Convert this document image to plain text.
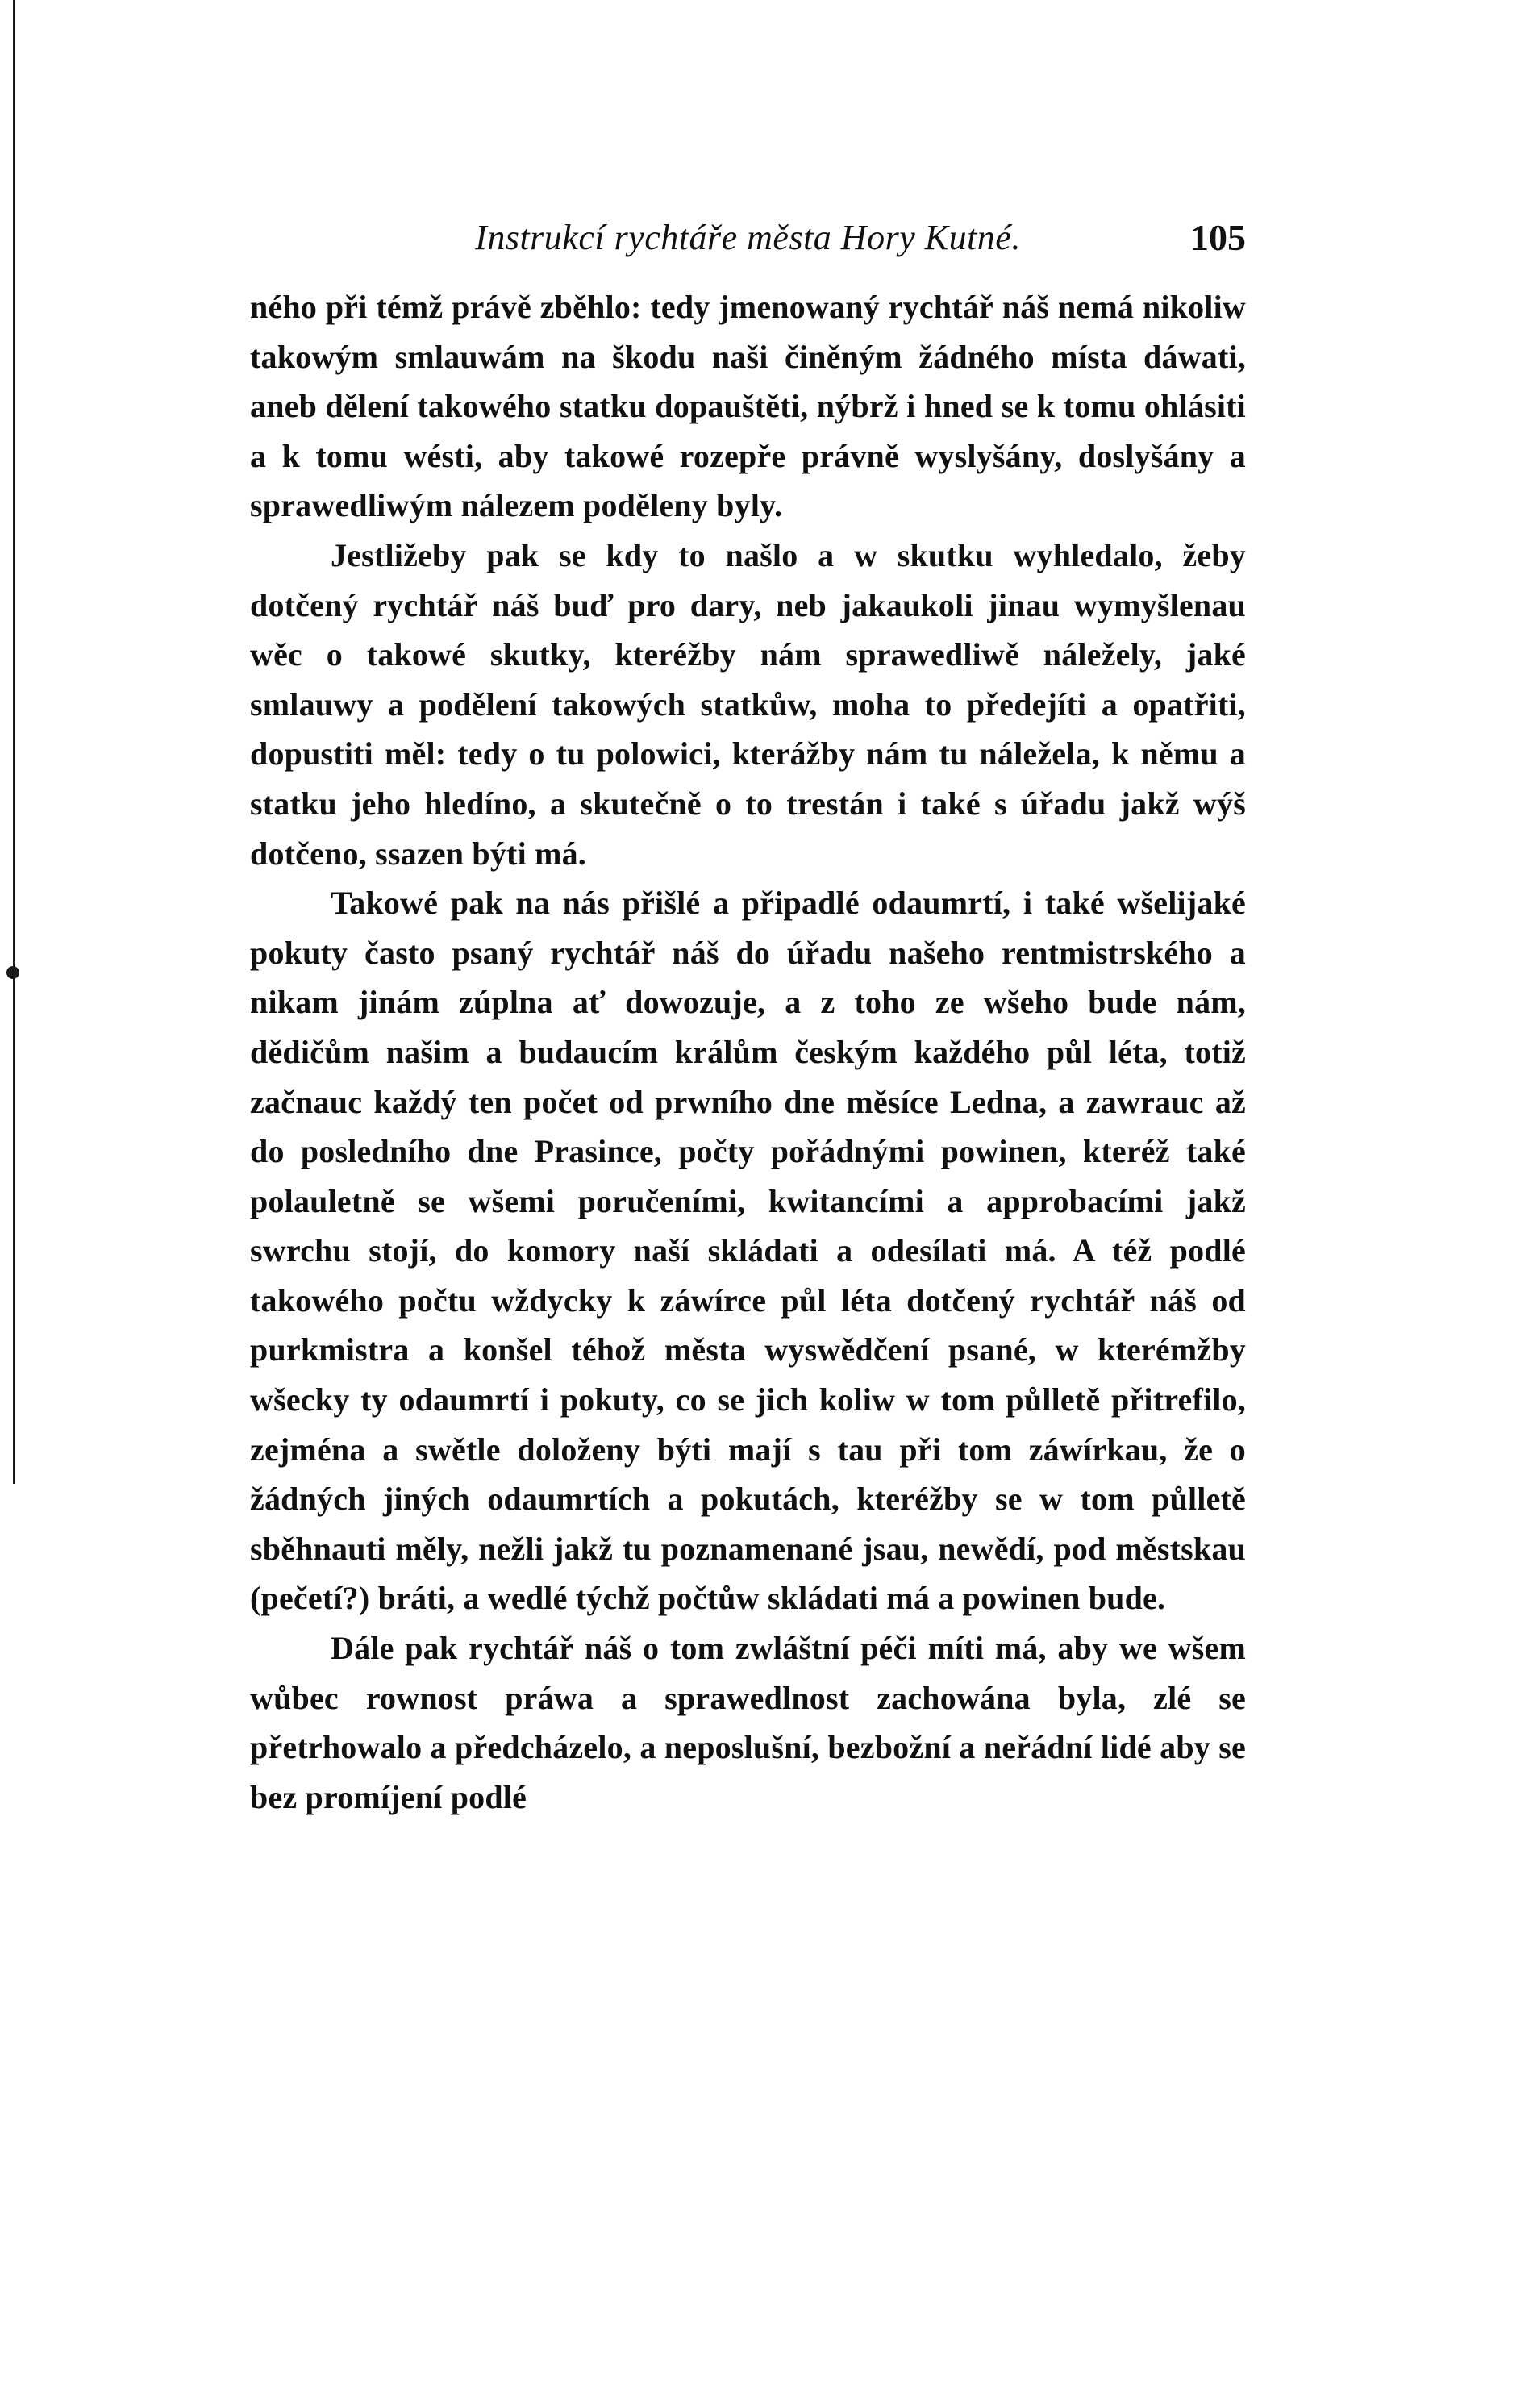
Instrukcí rychtáře města Hory Kutné.	105

ného při témž právě zběhlo: tedy jmenowaný rychtář náš nemá nikoliw takowým smlauwám na škodu naši činěným žádného místa dáwati, aneb dělení takowého statku dopauštěti, nýbrž i hned se k tomu ohlásiti a k tomu wésti, aby takowé rozepře právně wyslyšány, doslyšány a sprawedliwým nálezem poděleny byly.

Jestližeby pak se kdy to našlo a w skutku wyhledalo, žeby dotčený rychtář náš buď pro dary, neb jakaukoli jinau wymyšlenau wěc o takowé skutky, kteréžby nám sprawedliwě náležely, jaké smlauwy a podělení takowých statkůw, moha to předejíti a opatřiti, dopustiti měl: tedy o tu polowici, kterážby nám tu náležela, k němu a statku jeho hledíno, a skutečně o to trestán i také s úřadu jakž wýš dotčeno, ssazen býti má.

Takowé pak na nás přišlé a připadlé odaumrtí, i také wšelijaké pokuty často psaný rychtář náš do úřadu našeho rentmistrského a nikam jinám zúplna ať dowozuje, a z toho ze wšeho bude nám, dědičům našim a budaucím králům českým každého půl léta, totiž začnauc každý ten počet od prwního dne měsíce Ledna, a zawrauc až do posledního dne Prasince, počty pořádnými powinen, kteréž také polauletně se wšemi poručeními, kwitancími a approbacími jakž swrchu stojí, do komory naší skládati a odesílati má. A též podlé takowého počtu wždycky k záwírce půl léta dotčený rychtář náš od purkmistra a konšel téhož města wyswědčení psané, w kterémžby wšecky ty odaumrtí i pokuty, co se jich koliw w tom půlletě přitrefilo, zejména a swětle doloženy býti mají s tau při tom záwírkau, že o žádných jiných odaumrtích a pokutách, kteréžby se w tom půlletě sběhnauti měly, nežli jakž tu poznamenané jsau, newědí, pod městskau (pečetí?) bráti, a wedlé týchž počtůw skládati má a powinen bude.

Dále pak rychtář náš o tom zwláštní péči míti má, aby we wšem wůbec rownost práwa a sprawedlnost zachowána byla, zlé se přetrhowalo a předcházelo, a neposlušní, bezbožní a neřádní lidé aby se bez promíjení podlé
